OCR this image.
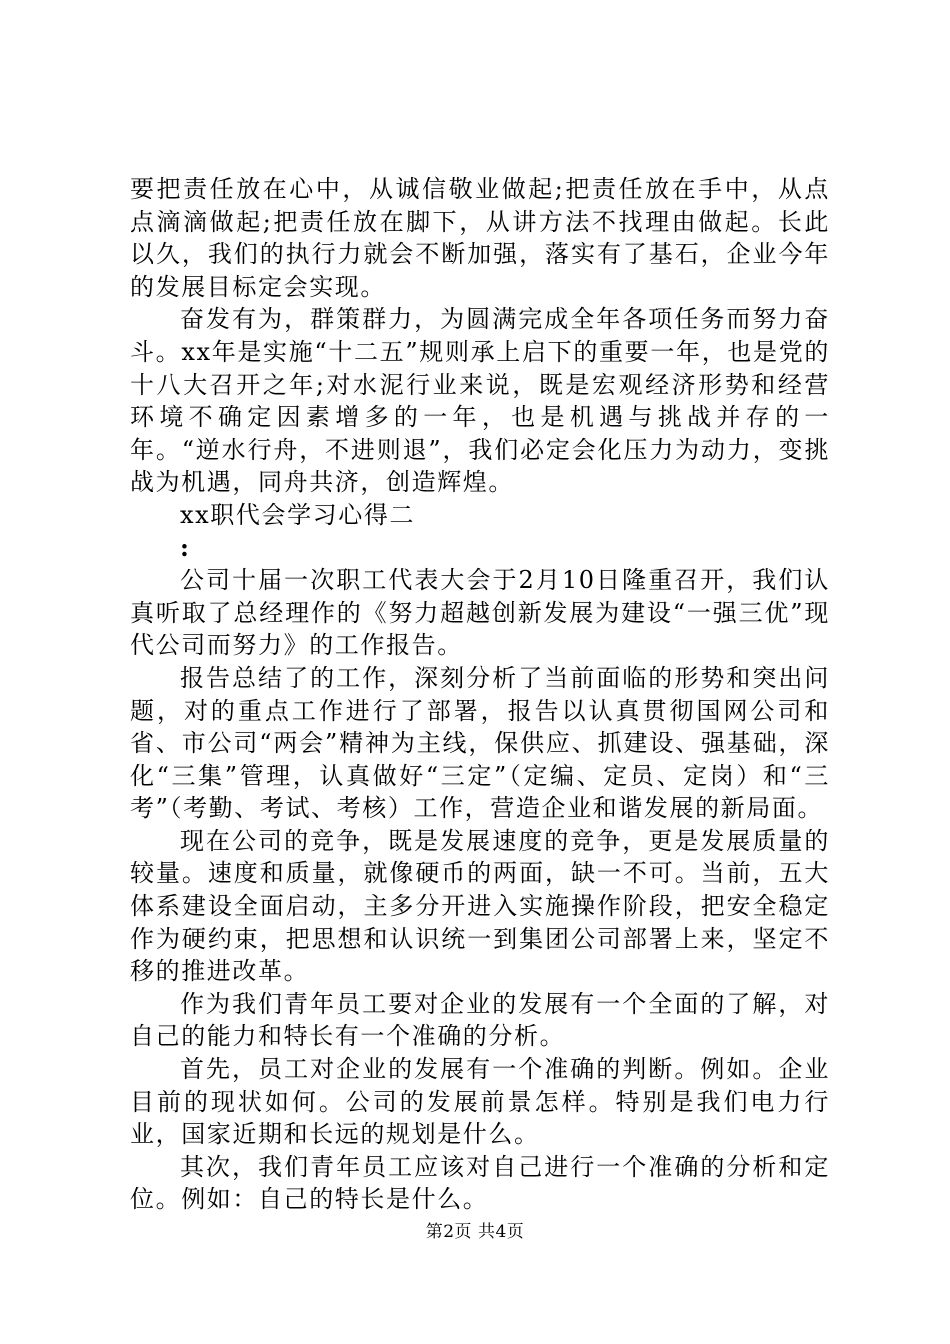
要把责任放在心中，从诚信敬业做起;把责任放在手中，从点点滴滴做起;把责任放在脚下，从讲方法不找理由做起。长此以久，我们的执行力就会不断加强，落实有了基石，企业今年的发展目标定会实现。

奋发有为，群策群力，为圆满完成全年各项任务而努力奋斗。xx年是实施“十二五”规则承上启下的重要一年，也是党的十八大召开之年;对水泥行业来说，既是宏观经济形势和经营环境不确定因素增多的一年，也是机遇与挑战并存的一年。“逆水行舟，不进则退”，我们必定会化压力为动力，变挑战为机遇，同舟共济，创造辉煌。

xx职代会学习心得二

:

公司十届一次职工代表大会于2月10日隆重召开，我们认真听取了总经理作的《努力超越创新发展为建设“一强三优”现代公司而努力》的工作报告。

报告总结了的工作，深刻分析了当前面临的形势和突出问题，对的重点工作进行了部署，报告以认真贯彻国网公司和省、市公司“两会”精神为主线，保供应、抓建设、强基础，深化“三集”管理，认真做好“三定”（定编、定员、定岗）和“三考”（考勤、考试、考核）工作，营造企业和谐发展的新局面。

现在公司的竞争，既是发展速度的竞争，更是发展质量的较量。速度和质量，就像硬币的两面，缺一不可。当前，五大体系建设全面启动，主多分开进入实施操作阶段，把安全稳定作为硬约束，把思想和认识统一到集团公司部署上来，坚定不移的推进改革。

作为我们青年员工要对企业的发展有一个全面的了解，对自己的能力和特长有一个准确的分析。

首先，员工对企业的发展有一个准确的判断。例如。企业目前的现状如何。公司的发展前景怎样。特别是我们电力行业，国家近期和长远的规划是什么。

其次，我们青年员工应该对自己进行一个准确的分析和定位。例如：自己的特长是什么。

第2页 共4页
